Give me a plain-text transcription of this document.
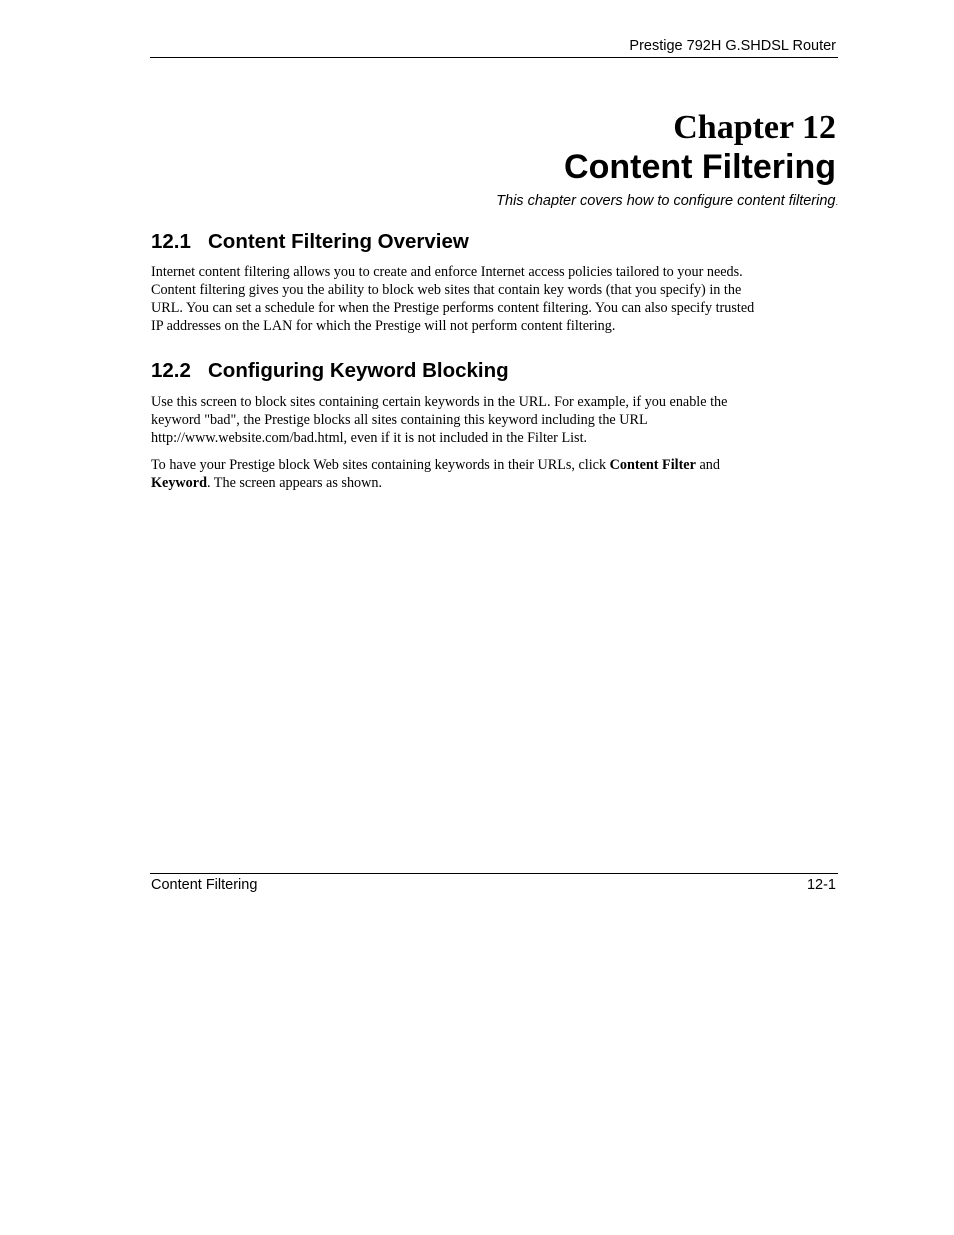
Prestige 792H G.SHDSL Router
Chapter 12
Content Filtering
This chapter covers how to configure content filtering.
12.1 Content Filtering Overview
Internet content filtering allows you to create and enforce Internet access policies tailored to your needs.
Content filtering gives you the ability to block web sites that contain key words (that you specify) in the
URL. You can set a schedule for when the Prestige performs content filtering. You can also specify trusted
IP addresses on the LAN for which the Prestige will not perform content filtering.
12.2 Configuring Keyword Blocking
Use this screen to block sites containing certain keywords in the URL. For example, if you enable the
keyword "bad", the Prestige blocks all sites containing this keyword including the URL
http://www.website.com/bad.html, even if it is not included in the Filter List.
To have your Prestige block Web sites containing keywords in their URLs, click Content Filter and
Keyword. The screen appears as shown.
Content Filtering	12-1
